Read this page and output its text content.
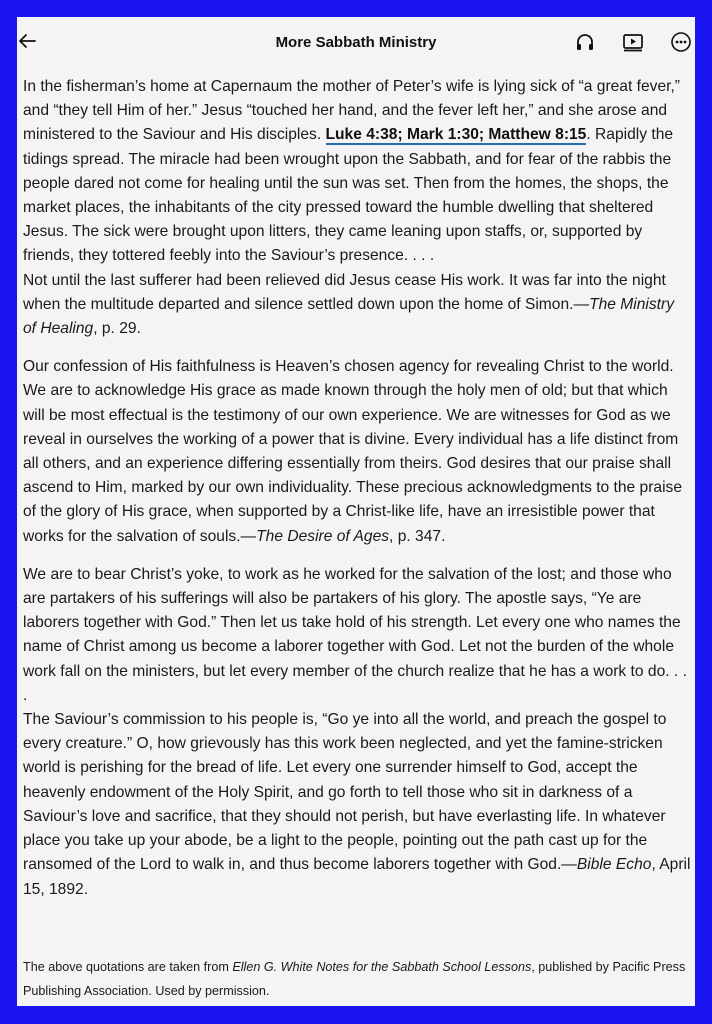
More Sabbath Ministry

In the fisherman’s home at Capernaum the mother of Peter’s wife is lying sick of “a great fever,” and “they tell Him of her.” Jesus “touched her hand, and the fever left her,” and she arose and ministered to the Saviour and His disciples. Luke 4:38; Mark 1:30; Matthew 8:15. Rapidly the tidings spread. The miracle had been wrought upon the Sabbath, and for fear of the rabbis the people dared not come for healing until the sun was set. Then from the homes, the shops, the market places, the inhabitants of the city pressed toward the humble dwelling that sheltered Jesus. The sick were brought upon litters, they came leaning upon staffs, or, supported by friends, they tottered feebly into the Saviour’s presence. . . .
Not until the last sufferer had been relieved did Jesus cease His work. It was far into the night when the multitude departed and silence settled down upon the home of Simon.—The Ministry of Healing, p. 29.

Our confession of His faithfulness is Heaven’s chosen agency for revealing Christ to the world. We are to acknowledge His grace as made known through the holy men of old; but that which will be most effectual is the testimony of our own experience. We are witnesses for God as we reveal in ourselves the working of a power that is divine. Every individual has a life distinct from all others, and an experience differing essentially from theirs. God desires that our praise shall ascend to Him, marked by our own individuality. These precious acknowledgments to the praise of the glory of His grace, when supported by a Christ-like life, have an irresistible power that works for the salvation of souls.—The Desire of Ages, p. 347.

We are to bear Christ’s yoke, to work as he worked for the salvation of the lost; and those who are partakers of his sufferings will also be partakers of his glory. The apostle says, “Ye are laborers together with God.” Then let us take hold of his strength. Let every one who names the name of Christ among us become a laborer together with God. Let not the burden of the whole work fall on the ministers, but let every member of the church realize that he has a work to do. . . .
The Saviour’s commission to his people is, “Go ye into all the world, and preach the gospel to every creature.” O, how grievously has this work been neglected, and yet the famine-stricken world is perishing for the bread of life. Let every one surrender himself to God, accept the heavenly endowment of the Holy Spirit, and go forth to tell those who sit in darkness of a Saviour’s love and sacrifice, that they should not perish, but have everlasting life. In whatever place you take up your abode, be a light to the people, pointing out the path cast up for the ransomed of the Lord to walk in, and thus become laborers together with God.—Bible Echo, April 15, 1892.

The above quotations are taken from Ellen G. White Notes for the Sabbath School Lessons, published by Pacific Press Publishing Association. Used by permission.
